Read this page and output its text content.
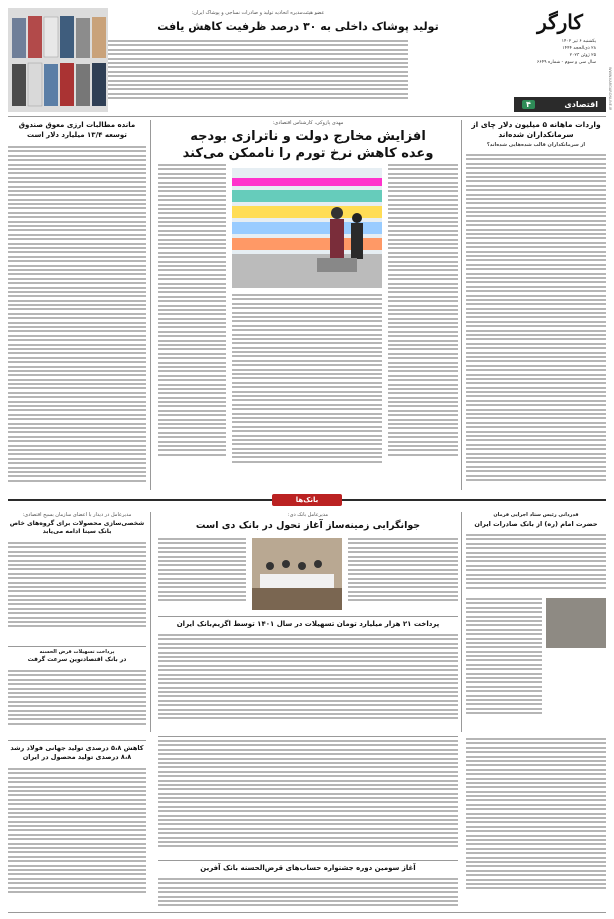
کارگر
یکشنبه ۶ تیر ۱۴۰۲
۲۸ ذی‌الحجه ۱۴۴۴
۲۵ ژوئن ۲۰۲۳
سال سی و سوم - شماره ۶۶۴۹
اقتصادی
۴	WWW.KARGARONLINE.IR
عضو هیئت‌مدیره اتحادیه تولید و صادرات نساجی و پوشاک ایران:
تولید پوشاک داخلی به ۳۰ درصد ظرفیت کاهش یافت
واردات ماهانه ۵ میلیون دلار چای از سرمانکداران شده‌اند
از سرمانکداران قالب شده‌هایی شده‌اند؟
مهدی پازوکی، کارشناس اقتصادی:
افزایش مخارج دولت و ناترازی بودجه
وعده کاهش نرخ تورم را ناممکن می‌کند
مانده مطالبات ارزی معوق صندوق توسعه ۱۳/۴ میلیارد دلار است
بانک‌ها
قدردانی رئیس ستاد اجرایی فرمان
حضرت امام (ره) از بانک صادرات ایران
مدیرعامل بانک دی:
جوانگرایی زمینه‌ساز آغاز تحول در بانک دی است
مدیرعامل در دیدار با اعضای سازمان بسیج اقتصادی:
شخصی‌سازی محصولات برای گروه‌های خاص بانک سینا ادامه می‌یابد
پرداخت ۲۱ هزار میلیارد تومان تسهیلات در سال ۱۴۰۱ توسط اگزیم‌بانک ایران
پرداخت تسهیلات قرض الحسنه
در بانک اقتصادنوین سرعت گرفت
کاهش ۵،۸ درصدی تولید جهانی فولاد رشد ۸،۸ درصدی تولید محصول در ایران
آغاز سومین دوره جشنواره حساب‌های قرض‌الحسنه بانک آفرین
